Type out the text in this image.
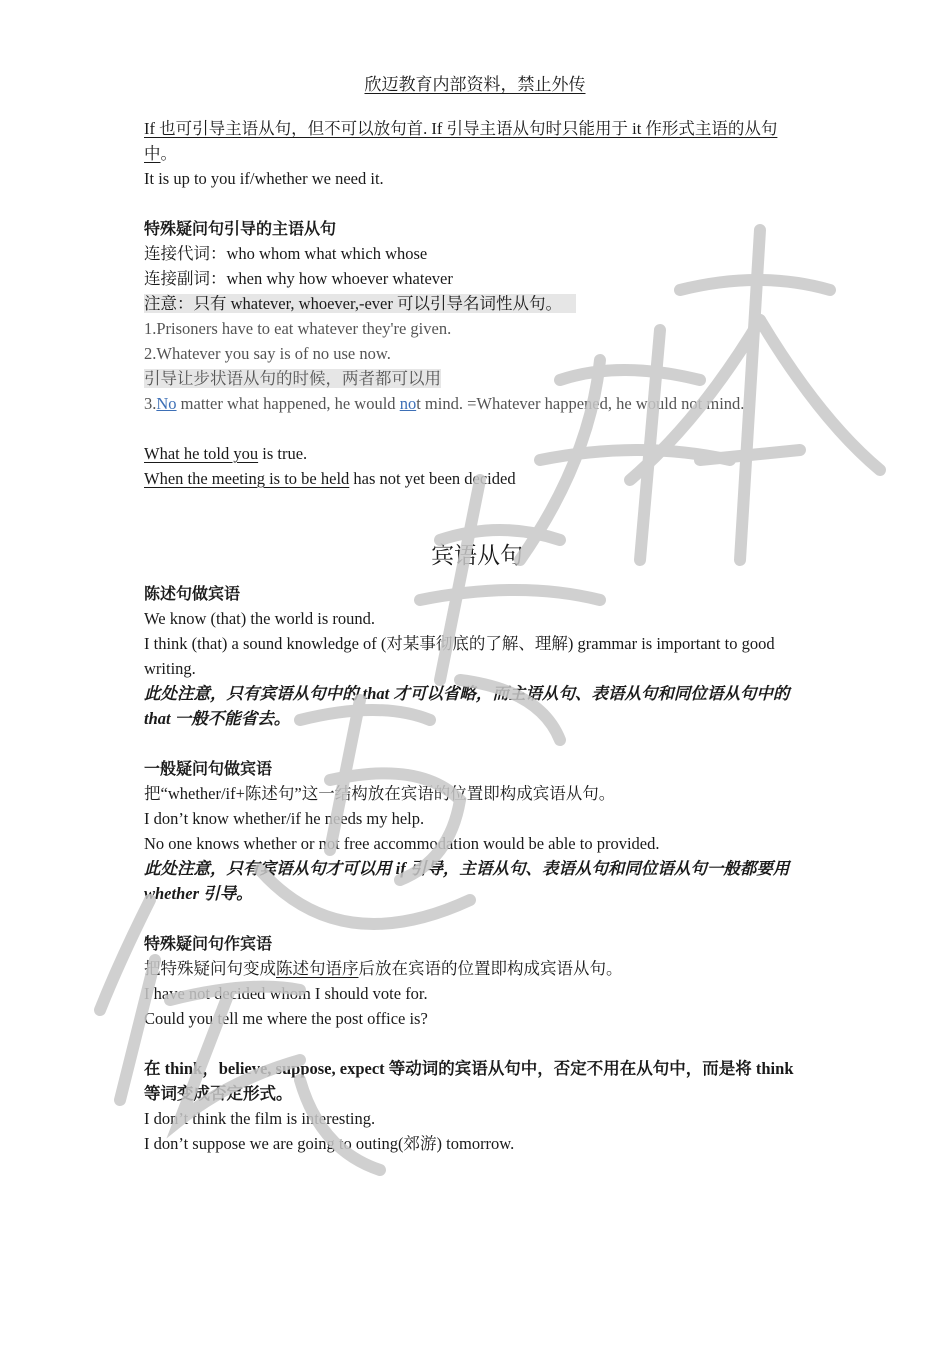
欣迈教育内部资料，禁止外传

If 也可引导主语从句，但不可以放句首. If 引导主语从句时只能用于 it 作形式主语的从句中。

It is up to you if/whether we need it.

特殊疑问句引导的主语从句

连接代词：who whom what which whose

连接副词：when why how whoever whatever

注意：只有 whatever, whoever,-ever 可以引导名词性从句。

1.Prisoners have to eat whatever they're given.

2.Whatever you say is of no use now.

引导让步状语从句的时候，两者都可以用

3.No matter what happened, he would not mind. =Whatever happened, he would not mind.

What he told you is true.

When the meeting is to be held has not yet been decided

宾语从句

陈述句做宾语

We know (that) the world is round.

I think (that) a sound knowledge of (对某事彻底的了解、理解) grammar is important to good writing.

此处注意，只有宾语从句中的 that 才可以省略，而主语从句、表语从句和同位语从句中的 that 一般不能省去。

一般疑问句做宾语

把“whether/if+陈述句”这一结构放在宾语的位置即构成宾语从句。

I don’t know whether/if he needs my help.

No one knows whether or not free accommodation would be able to provided.

此处注意，只有宾语从句才可以用 if 引导，主语从句、表语从句和同位语从句一般都要用 whether 引导。

特殊疑问句作宾语

把特殊疑问句变成陈述句语序后放在宾语的位置即构成宾语从句。

I have not decided whom I should vote for.

Could you tell me where the post office is?

在 think，believe, suppose, expect 等动词的宾语从句中，否定不用在从句中，而是将 think 等词变成否定形式。

I don’t think the film is interesting.

I don’t suppose we are going to outing(郊游) tomorrow.
